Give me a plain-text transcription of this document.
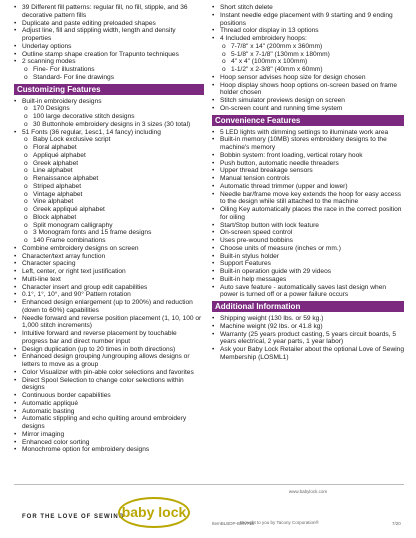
• 39 Different fill patterns: regular fill, no fill, stipple, and 36 decorative pattern fills
• Duplicate and paste editing preloaded shapes
• Adjust line, fill and stippling width, length and density properties
• Underlay options
• Outline stamp shape creation for Trapunto techniques
• 2 scanning modes
o Fine- For illustrations
o Standard- For line drawings
Customizing Features
• Built-in embroidery designs
o 170 Designs
o 100 large decorative stitch designs
o 30 Buttonhole embroidery designs in 3 sizes (30 total)
• 51 Fonts (36 regular, 1esc1, 14 fancy) including
o Baby Lock exclusive script
o Floral alphabet
o Appliqué alphabet
o Greek alphabet
o Line alphabet
o Renaissance alphabet
o Striped alphabet
o Vintage alphabet
o Vine alphabet
o Greek appliqué alphabet
o Block alphabet
o Split monogram calligraphy
o 3 Monogram fonts and 15 frame designs
o 140 Frame combinations
• Combine embroidery designs on screen
• Character/text array function
• Character spacing
• Left, center, or right text justification
• Multi-line text
• Character insert and group edit capabilities
• 0.1°, 1°, 10°, and 90° Pattern rotation
• Enhanced design enlargement (up to 200%) and reduction (down to 60%) capabilities
• Needle forward and reverse position placement (1, 10, 100 or 1,000 stitch increments)
• Intuitive forward and reverse placement by touchable progress bar and direct number input
• Design duplication (up to 20 times in both directions)
• Enhanced design grouping /ungrouping allows designs or letters to move as a group
• Color Visualizer with pin-able color selections and favorites
• Direct Spool Selection to change color selections within designs
• Continuous border capabilities
• Automatic appliqué
• Automatic basting
• Automatic stippling and echo quilting around embroidery designs
• Mirror imaging
• Enhanced color sorting
• Monochrome option for embroidery designs
• Short stitch delete
• Instant needle edge placement with 9 starting and 9 ending positions
• Thread color display in 13 options
• 4 Included embroidery hoops:
o 7-7/8" x 14" (200mm x 360mm)
o 5-1/8" x 7-1/8" (130mm x 180mm)
o 4" x 4" (100mm x 100mm)
o 1-1/2" x 2-3/8" (40mm x 60mm)
• Hoop sensor advises hoop size for design chosen
• Hoop display shows hoop options on-screen based on frame holder chosen
• Stitch simulator previews design on screen
• On-screen count and running time system
Convenience Features
• 5 LED lights with dimming settings to illuminate work area
• Built-in memory (10MB) stores embroidery designs to the machine's memory
• Bobbin system: front loading, vertical rotary hook
• Push button, automatic needle threaders
• Upper thread breakage sensors
• Manual tension controls
• Automatic thread trimmer (upper and lower)
• Needle bar/frame move key extends the hoop for easy access to the design while still attached to the machine
• Oiling Key automatically places the race in the correct position for oiling
• Start/Stop button with lock feature
• On-screen speed control
• Uses pre-wound bobbins
• Choose units of measure (inches or mm.)
• Built-in stylus holder
• Support Features
• Built-in operation guide with 29 videos
• Built-in help messages
• Auto save feature - automatically saves last design when power is turned off or a power failure occurs
Additional Information
• Shipping weight (130 lbs. or 59 kg.)
• Machine weight (92 lbs. or 41.8 kg)
• Warranty (25 years product casting, 5 years circuit boards, 5 years electrical, 2 year parts, 1 year labor)
• Ask your Baby Lock Retailer about the optional Love of Sewing Membership (LOSML1)
www.babylock.com
FOR THE LOVE OF SEWING
baby lock
ItemBLBDP-BMV716
Brought to you by Tacony Corporation®	7/20
